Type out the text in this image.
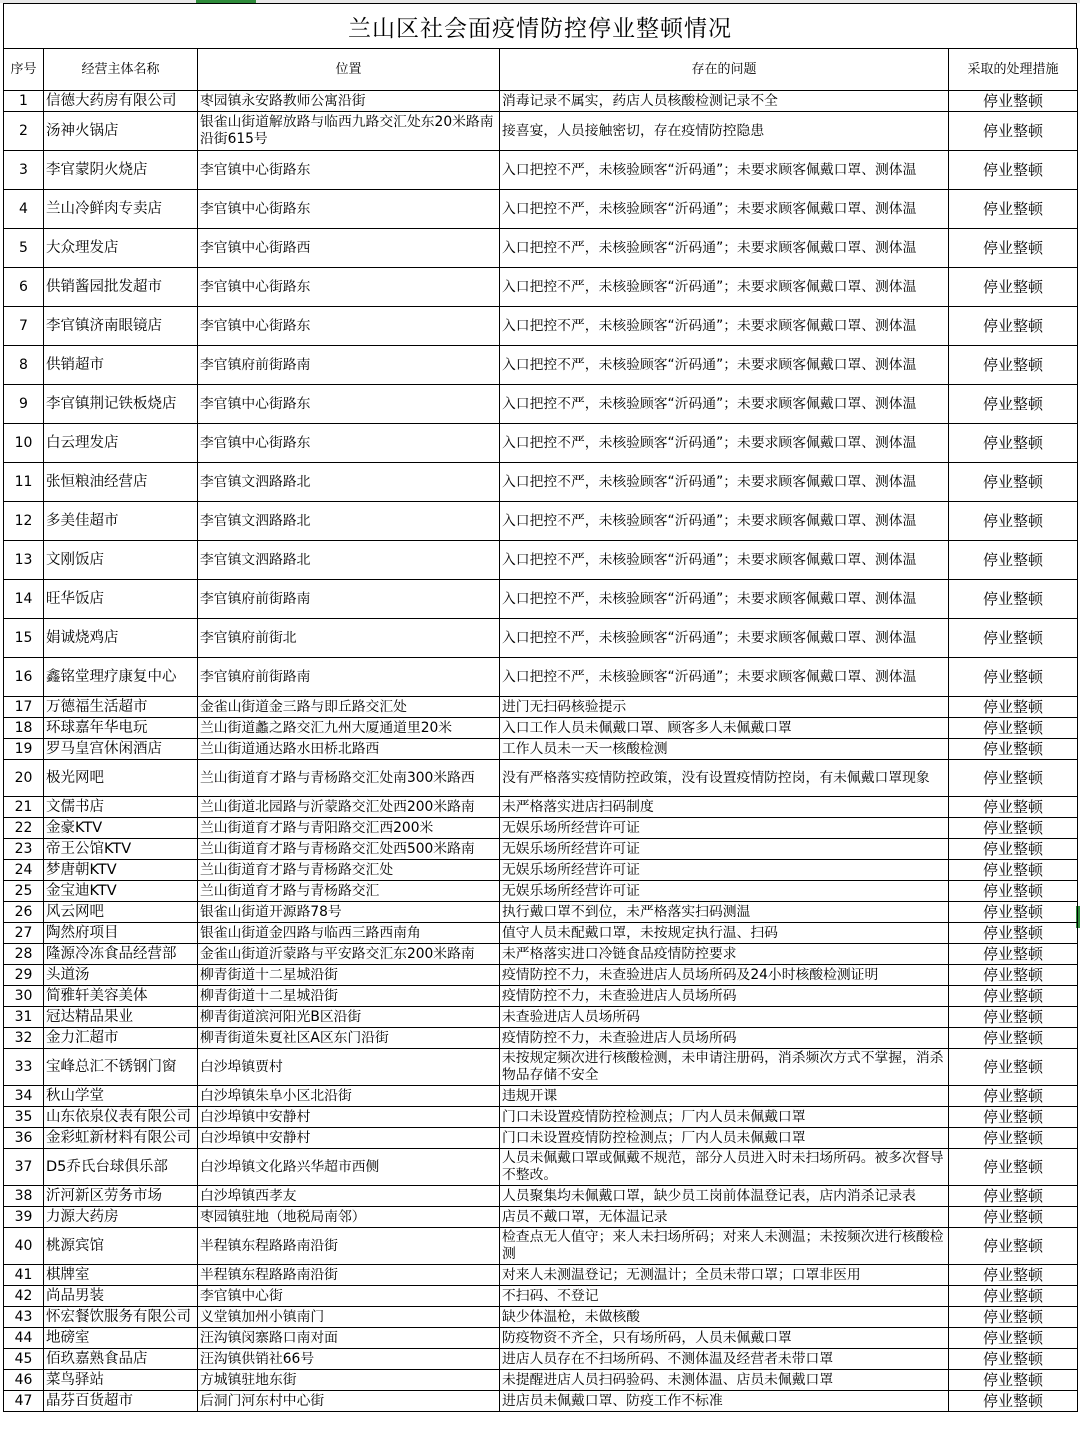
兰山区社会面疫情防控停业整顿情况
序号	经营主体名称	位置	存在的问题	采取的处理措施
1	信德大药房有限公司	枣园镇永安路教师公寓沿街	消毒记录不属实，药店人员核酸检测记录不全	停业整顿
2	汤神火锅店	银雀山街道解放路与临西九路交汇处东20米路南沿街615号	接喜宴，人员接触密切，存在疫情防控隐患	停业整顿
3	李官蒙阴火烧店	李官镇中心街路东	入口把控不严，未核验顾客“沂码通”；未要求顾客佩戴口罩、测体温	停业整顿
4	兰山冷鲜肉专卖店	李官镇中心街路东	入口把控不严，未核验顾客“沂码通”；未要求顾客佩戴口罩、测体温	停业整顿
5	大众理发店	李官镇中心街路西	入口把控不严，未核验顾客“沂码通”；未要求顾客佩戴口罩、测体温	停业整顿
6	供销酱园批发超市	李官镇中心街路东	入口把控不严，未核验顾客“沂码通”；未要求顾客佩戴口罩、测体温	停业整顿
7	李官镇济南眼镜店	李官镇中心街路东	入口把控不严，未核验顾客“沂码通”；未要求顾客佩戴口罩、测体温	停业整顿
8	供销超市	李官镇府前街路南	入口把控不严，未核验顾客“沂码通”；未要求顾客佩戴口罩、测体温	停业整顿
9	李官镇荆记铁板烧店	李官镇中心街路东	入口把控不严，未核验顾客“沂码通”；未要求顾客佩戴口罩、测体温	停业整顿
10	白云理发店	李官镇中心街路东	入口把控不严，未核验顾客“沂码通”；未要求顾客佩戴口罩、测体温	停业整顿
11	张恒粮油经营店	李官镇文泗路路北	入口把控不严，未核验顾客“沂码通”；未要求顾客佩戴口罩、测体温	停业整顿
12	多美佳超市	李官镇文泗路路北	入口把控不严，未核验顾客“沂码通”；未要求顾客佩戴口罩、测体温	停业整顿
13	文刚饭店	李官镇文泗路路北	入口把控不严，未核验顾客“沂码通”；未要求顾客佩戴口罩、测体温	停业整顿
14	旺华饭店	李官镇府前街路南	入口把控不严，未核验顾客“沂码通”；未要求顾客佩戴口罩、测体温	停业整顿
15	娟诚烧鸡店	李官镇府前街北	入口把控不严，未核验顾客“沂码通”；未要求顾客佩戴口罩、测体温	停业整顿
16	鑫铭堂理疗康复中心	李官镇府前街路南	入口把控不严，未核验顾客“沂码通”；未要求顾客佩戴口罩、测体温	停业整顿
17	万德福生活超市	金雀山街道金三路与即丘路交汇处	进门无扫码核验提示	停业整顿
18	环球嘉年华电玩	兰山街道蠡之路交汇九州大厦通道里20米	入口工作人员未佩戴口罩、顾客多人未佩戴口罩	停业整顿
19	罗马皇宫休闲酒店	兰山街道通达路水田桥北路西	工作人员未一天一核酸检测	停业整顿
20	极光网吧	兰山街道育才路与青杨路交汇处南300米路西	没有严格落实疫情防控政策，没有设置疫情防控岗，有未佩戴口罩现象	停业整顿
21	文儒书店	兰山街道北园路与沂蒙路交汇处西200米路南	未严格落实进店扫码制度	停业整顿
22	金豪KTV	兰山街道育才路与青阳路交汇西200米	无娱乐场所经营许可证	停业整顿
23	帝王公馆KTV	兰山街道育才路与青杨路交汇处西500米路南	无娱乐场所经营许可证	停业整顿
24	梦唐朝KTV	兰山街道育才路与青杨路交汇处	无娱乐场所经营许可证	停业整顿
25	金宝迪KTV	兰山街道育才路与青杨路交汇	无娱乐场所经营许可证	停业整顿
26	风云网吧	银雀山街道开源路78号	执行戴口罩不到位，未严格落实扫码测温	停业整顿
27	陶然府项目	银雀山街道金四路与临西三路西南角	值守人员未配戴口罩，未按规定执行温、扫码	停业整顿
28	隆源冷冻食品经营部	金雀山街道沂蒙路与平安路交汇东200米路南	未严格落实进口冷链食品疫情防控要求	停业整顿
29	头道汤	柳青街道十二星城沿街	疫情防控不力，未查验进店人员场所码及24小时核酸检测证明	停业整顿
30	简雅轩美容美体	柳青街道十二星城沿街	疫情防控不力，未查验进店人员场所码	停业整顿
31	冠达精品果业	柳青街道滨河阳光B区沿街	未查验进店人员场所码	停业整顿
32	金力汇超市	柳青街道朱夏社区A区东门沿街	疫情防控不力，未查验进店人员场所码	停业整顿
33	宝峰总汇不锈钢门窗	白沙埠镇贾村	未按规定频次进行核酸检测，未申请注册码，消杀频次方式不掌握，消杀物品存储不安全	停业整顿
34	秋山学堂	白沙埠镇朱阜小区北沿街	违规开课	停业整顿
35	山东依泉仪表有限公司	白沙埠镇中安静村	门口未设置疫情防控检测点；厂内人员未佩戴口罩	停业整顿
36	金彩虹新材料有限公司	白沙埠镇中安静村	门口未设置疫情防控检测点；厂内人员未佩戴口罩	停业整顿
37	D5乔氏台球俱乐部	白沙埠镇文化路兴华超市西侧	人员未佩戴口罩或佩戴不规范，部分人员进入时未扫场所码。被多次督导不整改。	停业整顿
38	沂河新区劳务市场	白沙埠镇西孝友	人员聚集均未佩戴口罩，缺少员工岗前体温登记表，店内消杀记录表	停业整顿
39	力源大药房	枣园镇驻地（地税局南邻）	店员不戴口罩，无体温记录	停业整顿
40	桃源宾馆	半程镇东程路路南沿街	检查点无人值守；来人未扫场所码；对来人未测温；未按频次进行核酸检测	停业整顿
41	棋牌室	半程镇东程路路南沿街	对来人未测温登记；无测温计；全员未带口罩；口罩非医用	停业整顿
42	尚品男装	李官镇中心街	不扫码、不登记	停业整顿
43	怀宏餐饮服务有限公司	义堂镇加州小镇南门	缺少体温枪，未做核酸	停业整顿
44	地磅室	汪沟镇闵寨路口南对面	防疫物资不齐全，只有场所码，人员未佩戴口罩	停业整顿
45	佰玖嘉熟食品店	汪沟镇供销社66号	进店人员存在不扫场所码、不测体温及经营者未带口罩	停业整顿
46	菜鸟驿站	方城镇驻地东街	未提醒进店人员扫码验码、未测体温、店员未佩戴口罩	停业整顿
47	晶芬百货超市	后洞门河东村中心街	进店员未佩戴口罩、防疫工作不标准	停业整顿
